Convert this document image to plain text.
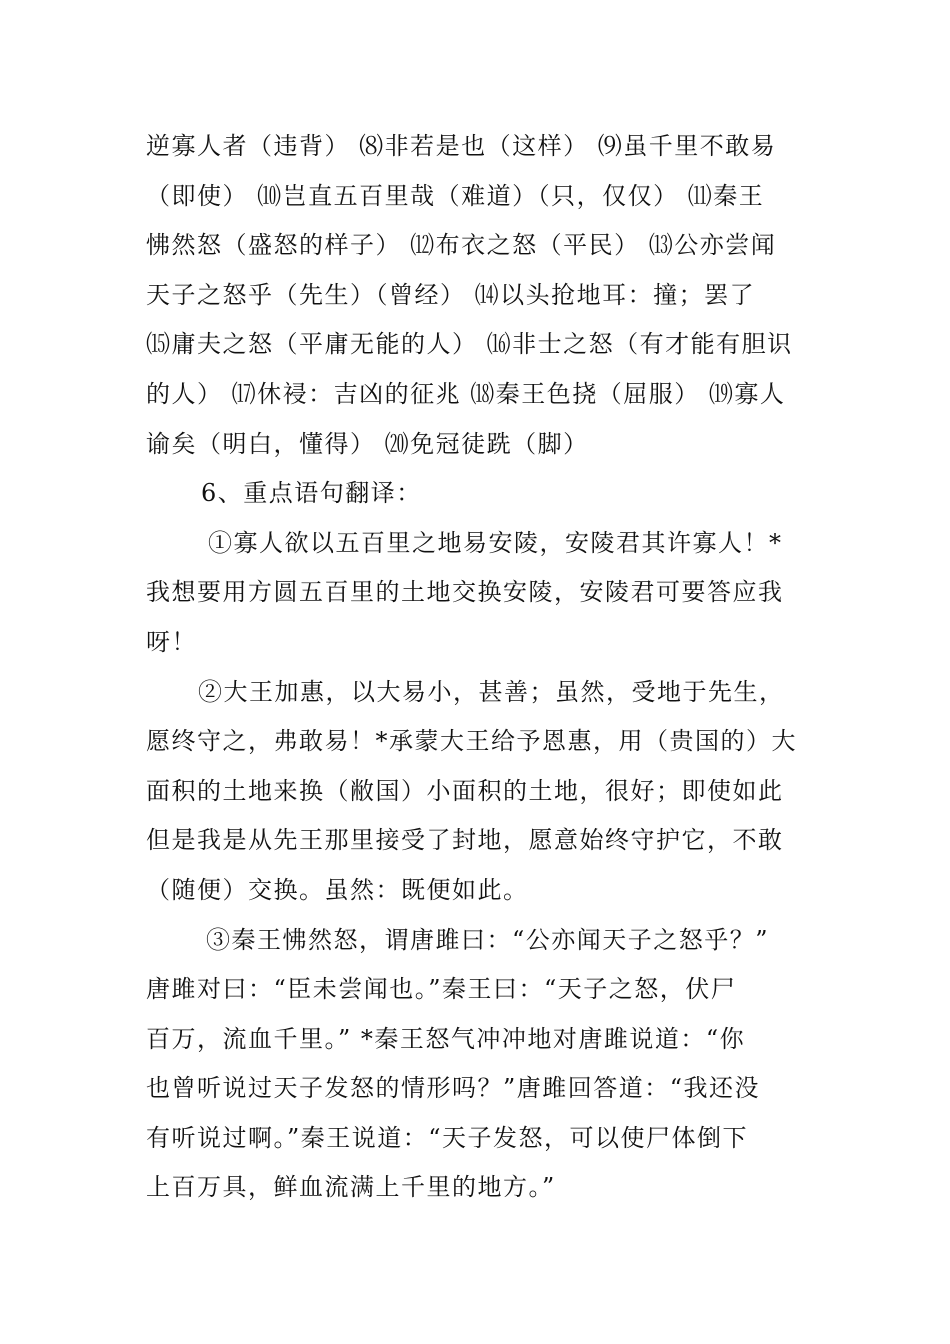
逆寡人者（违背） ⑻非若是也（这样） ⑼虽千里不敢易
（即使） ⑽岂直五百里哉（难道）（只，仅仅） ⑾秦王
怫然怒（盛怒的样子） ⑿布衣之怒（平民） ⒀公亦尝闻
天子之怒乎（先生）（曾经） ⒁以头抢地耳：撞；罢了
⒂庸夫之怒（平庸无能的人） ⒃非士之怒（有才能有胆识
的人） ⒄休祲：吉凶的征兆 ⒅秦王色挠（屈服） ⒆寡人
谕矣（明白，懂得） ⒇免冠徒跣（脚）
6、重点语句翻译：
①寡人欲以五百里之地易安陵，安陵君其许寡人！*
我想要用方圆五百里的土地交换安陵，安陵君可要答应我
呀！
②大王加惠，以大易小，甚善；虽然，受地于先生，
愿终守之，弗敢易！*承蒙大王给予恩惠，用（贵国的）大
面积的土地来换（敝国）小面积的土地，很好；即使如此
但是我是从先王那里接受了封地，愿意始终守护它，不敢
（随便）交换。虽然：既便如此。
③秦王怫然怒，谓唐雎曰：“公亦闻天子之怒乎？”
唐雎对曰：“臣未尝闻也。”秦王曰：“天子之怒，伏尸
百万，流血千里。” *秦王怒气冲冲地对唐雎说道：“你
也曾听说过天子发怒的情形吗？”唐雎回答道：“我还没
有听说过啊。”秦王说道：“天子发怒，可以使尸体倒下
上百万具，鲜血流满上千里的地方。”
